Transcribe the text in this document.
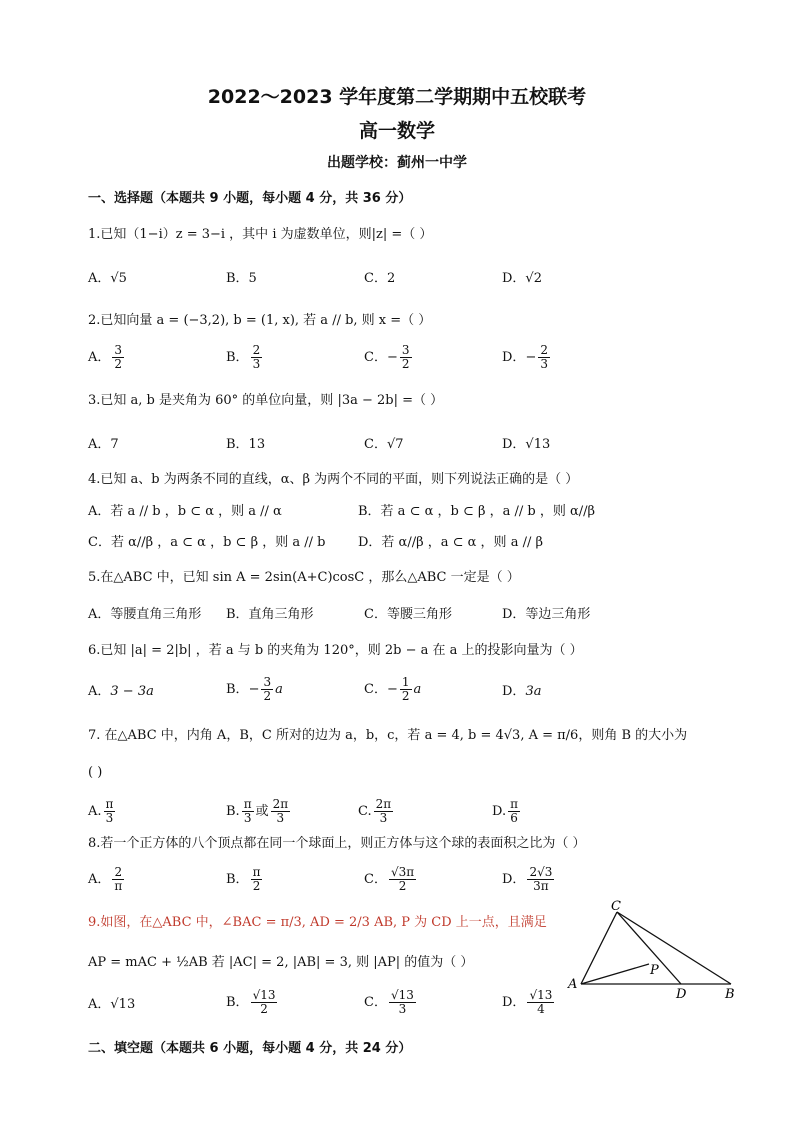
2022～2023 学年度第二学期期中五校联考
高一数学
出题学校：蓟州一中学
一、选择题（本题共 9 小题，每小题 4 分，共 36 分）
1.已知（1−i）z = 3−i ，其中 i 为虚数单位，则|z| =（ ）
A．√5	B．5	C．2	D．√2
2.已知向量 a = (−3,2), b = (1, x), 若 a // b, 则 x =（ ）
A． $\frac{3}{2}$	B． $\frac{2}{3}$	C．− $\frac{3}{2}$	D．− $\frac{2}{3}$
3.已知 a, b 是夹角为 60° 的单位向量，则 |3a − 2b| =（ ）
A．7	B．13	C．√7	D．√13
4.已知 a、b 为两条不同的直线，α、β 为两个不同的平面，则下列说法正确的是（ ）
A．若 a // b ，b ⊂ α ，则 a // α	B．若 a ⊂ α ，b ⊂ β ，a // b ，则 α//β
C．若 α//β ，a ⊂ α ，b ⊂ β ，则 a // b	D．若 α//β ，a ⊂ α ，则 a // β
5.在△ABC 中，已知 sin A = 2sin(A+C)cosC ，那么△ABC 一定是（ ）
A．等腰直角三角形 B．直角三角形	C．等腰三角形	D．等边三角形
6.已知 |a| = 2|b| ，若 a 与 b 的夹角为 120°，则 2b − a 在 a 上的投影向量为（ ）
A．3 − 3a	B．− $\frac{3}{2}$ a	C．− $\frac{1}{2}$ a	D．3a
7. 在△ABC 中，内角 A，B，C 所对的边为 a，b，c，若 a = 4, b = 4√3, A = π/6，则角 B 的大小为
( )
A. $\frac{\pi}{3}$	B. $\frac{\pi}{3}$ 或 $\frac{2\pi}{3}$	C. $\frac{2\pi}{3}$	D. $\frac{\pi}{6}$
8.若一个正方体的八个顶点都在同一个球面上，则正方体与这个球的表面积之比为（ ）
A． $\frac{2}{\pi}$	B． $\frac{\pi}{2}$	C． $\frac{√3\pi}{2}$	D． $\frac{2√3}{3\pi}$
9.如图，在△ABC 中，∠BAC = π/3, AD = 2/3 AB, P 为 CD 上一点，且满足
AP = mAC + ½AB 若 |AC| = 2, |AB| = 3, 则 |AP| 的值为（ ）
A．√13	B． $\frac{√13}{2}$	C． $\frac{√13}{3}$	D． $\frac{√13}{4}$
C
A
P
D	B
二、填空题（本题共 6 小题，每小题 4 分，共 24 分）
